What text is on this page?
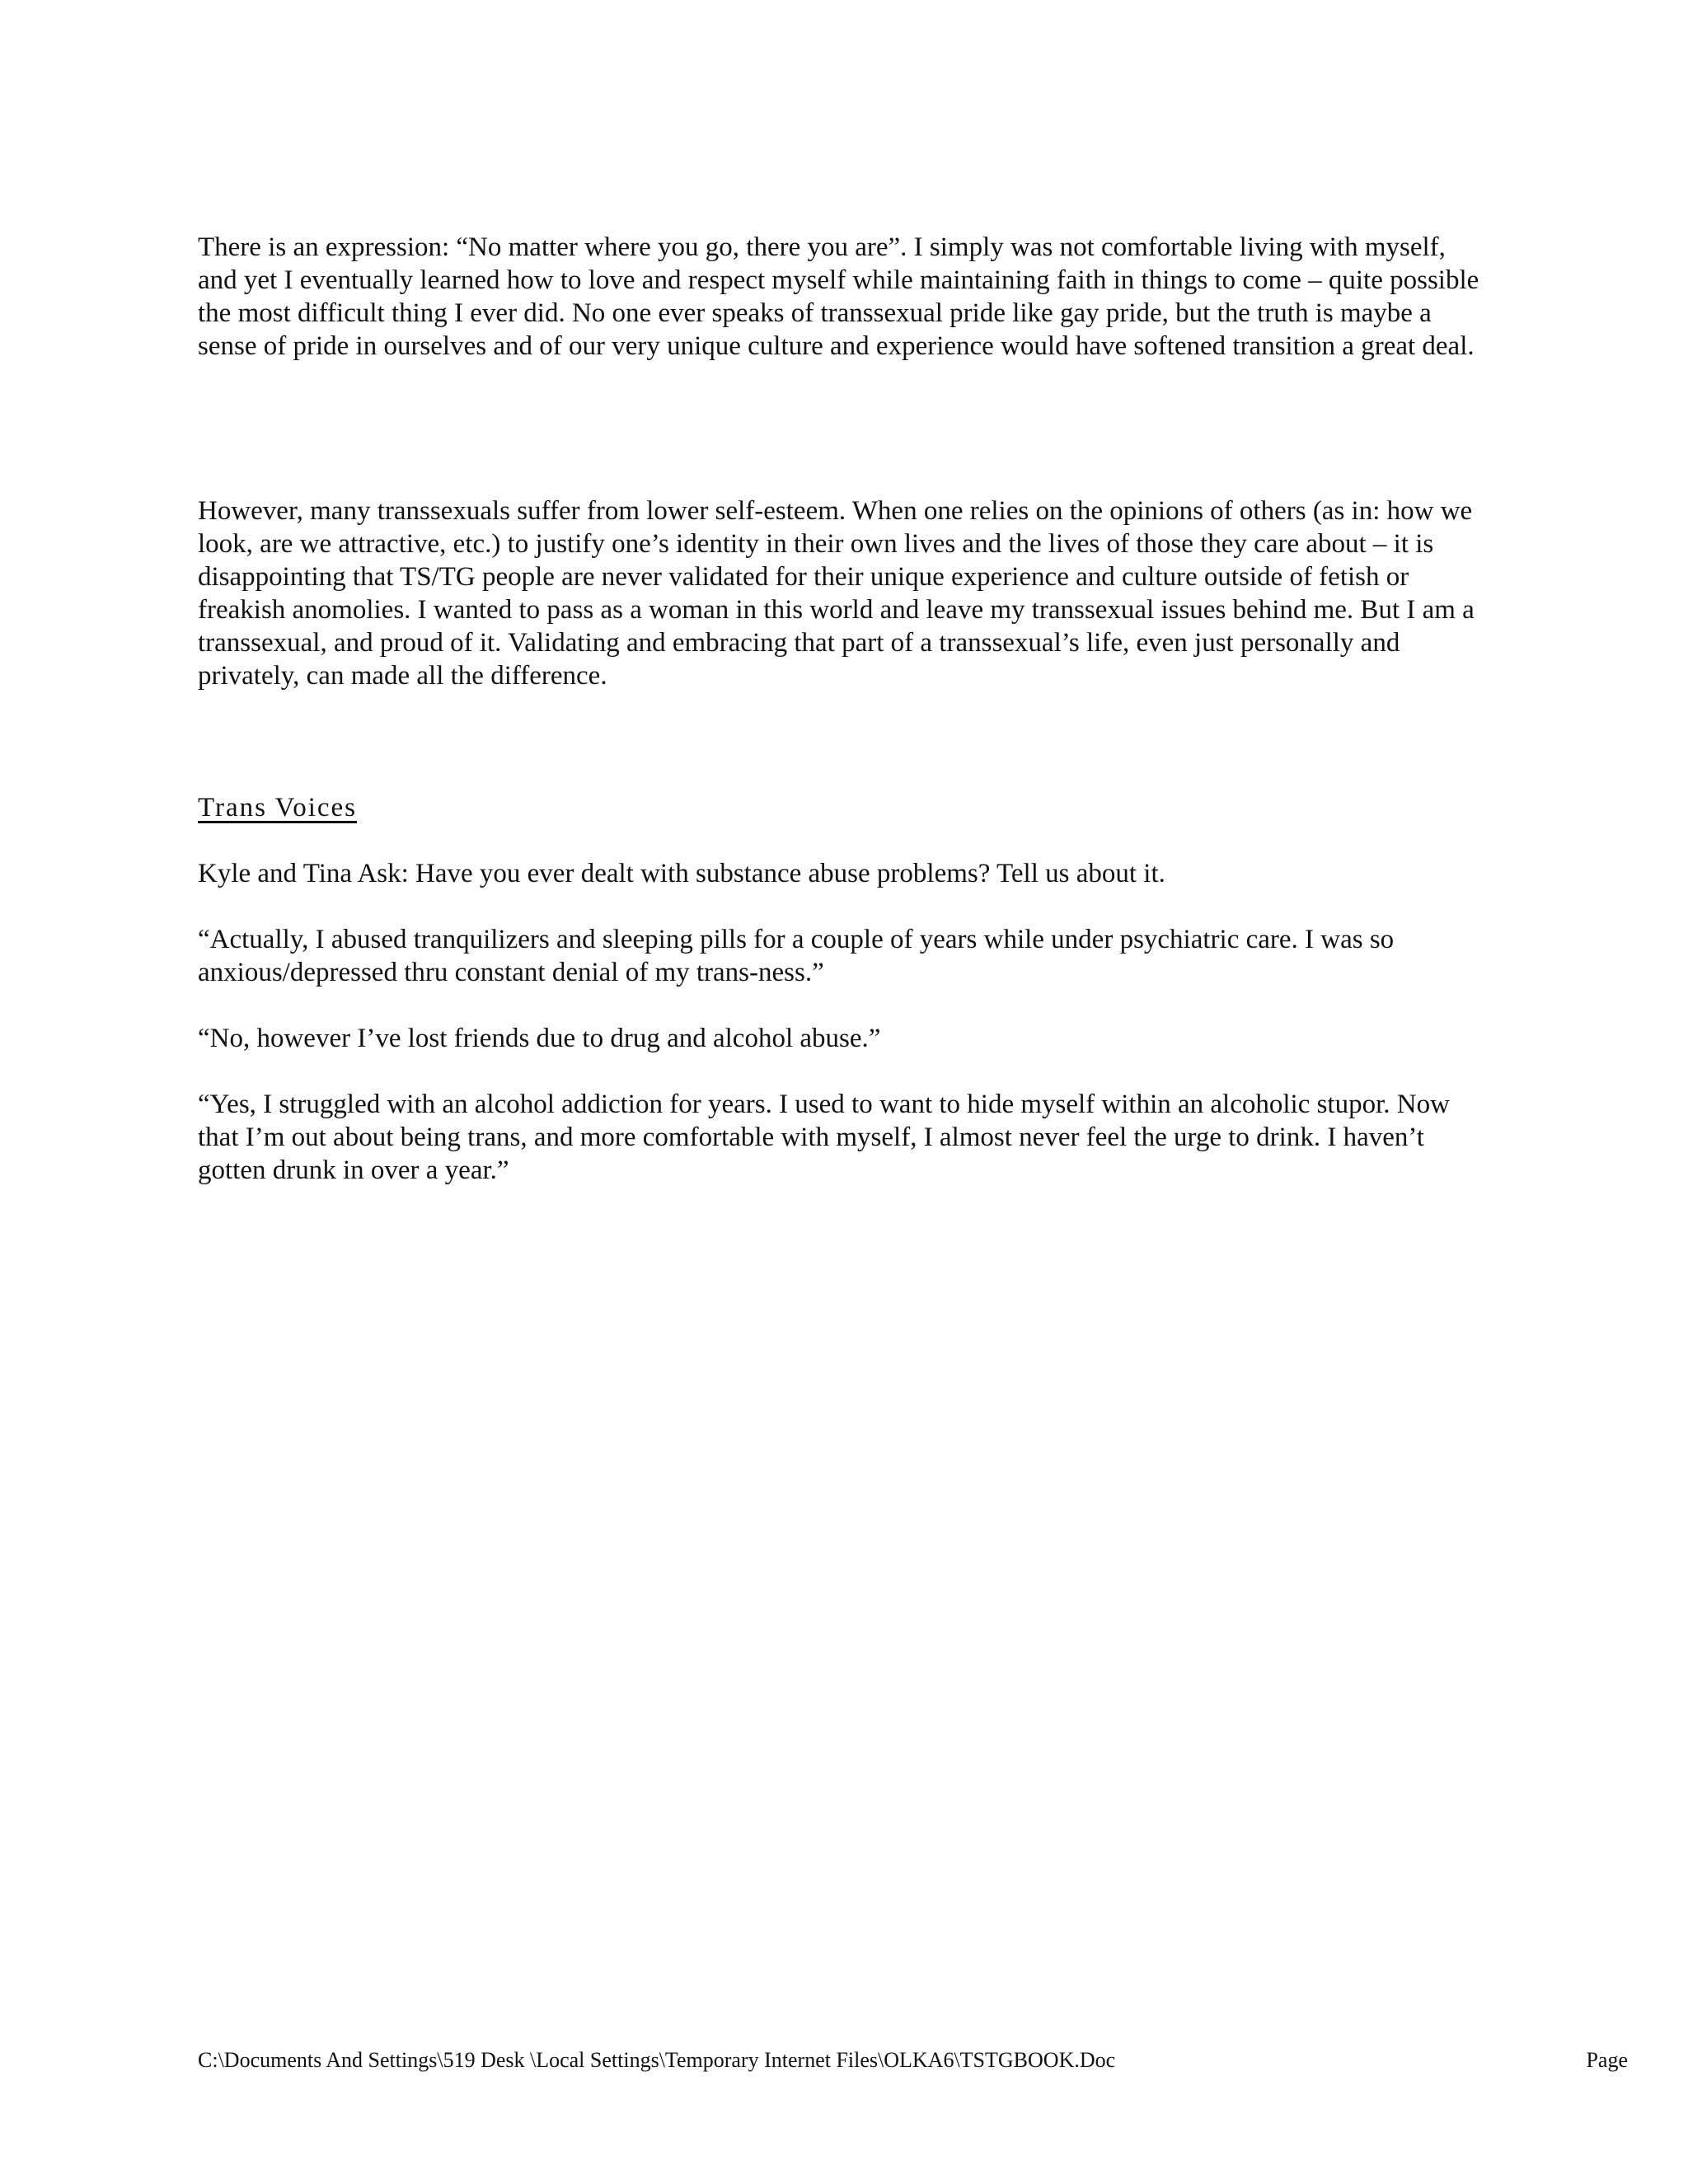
There is an expression: “No matter where you go, there you are”. I simply was not comfortable living with myself, and yet I eventually learned how to love and respect myself while maintaining faith in things to come – quite possible the most difficult thing I ever did. No one ever speaks of transsexual pride like gay pride, but the truth is maybe a sense of pride in ourselves and of our very unique culture and experience would have softened transition a great deal.

However, many transsexuals suffer from lower self-esteem. When one relies on the opinions of others (as in: how we look, are we attractive, etc.) to justify one’s identity in their own lives and the lives of those they care about – it is disappointing that TS/TG people are never validated for their unique experience and culture outside of fetish or freakish anomolies. I wanted to pass as a woman in this world and leave my transsexual issues behind me. But I am a transsexual, and proud of it. Validating and embracing that part of a transsexual’s life, even just personally and privately, can made all the difference.

Trans Voices

Kyle and Tina Ask: Have you ever dealt with substance abuse problems? Tell us about it.

“Actually, I abused tranquilizers and sleeping pills for a couple of years while under psychiatric care. I was so anxious/depressed thru constant denial of my trans-ness.”

“No, however I’ve lost friends due to drug and alcohol abuse.”

“Yes, I struggled with an alcohol addiction for years. I used to want to hide myself within an alcoholic stupor. Now that I’m out about being trans, and more comfortable with myself, I almost never feel the urge to drink. I haven’t gotten drunk in over a year.”

C:\Documents And Settings\519 Desk \Local Settings\Temporary Internet Files\OLKA6\TSTGBOOK.Doc	Page
